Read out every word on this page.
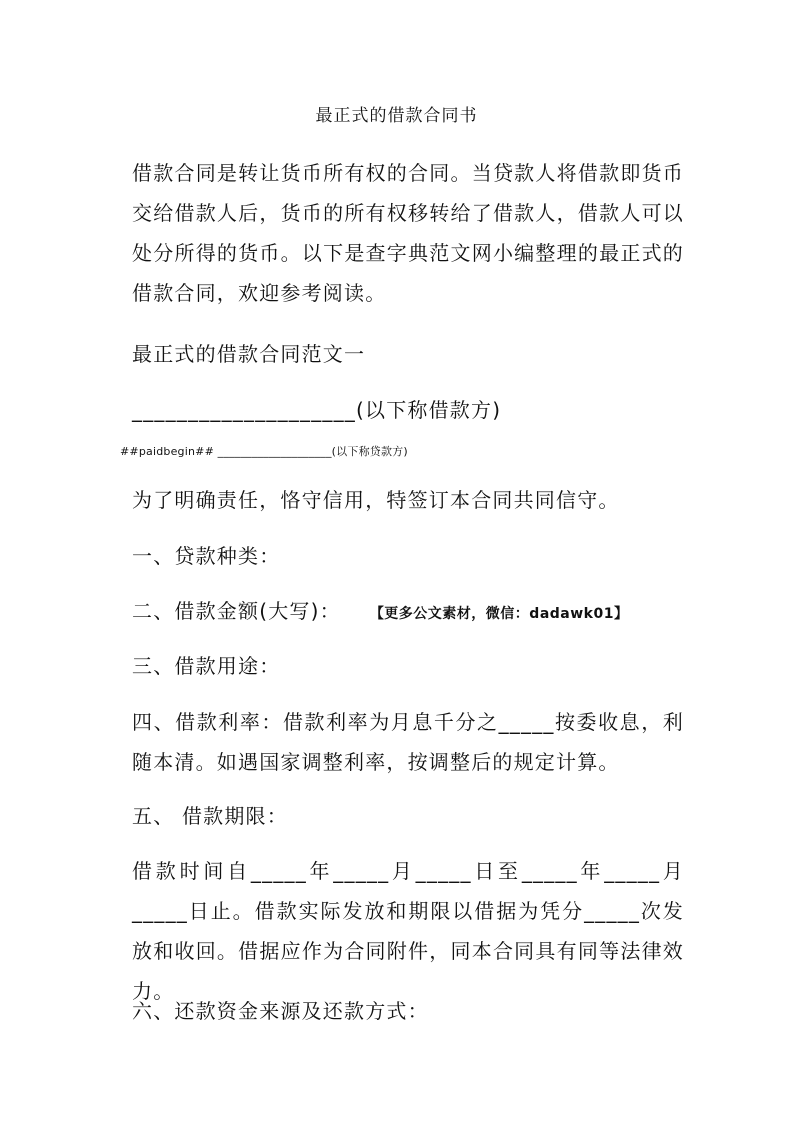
最正式的借款合同书
借款合同是转让货币所有权的合同。当贷款人将借款即货币交给借款人后，货币的所有权移转给了借款人，借款人可以处分所得的货币。以下是查字典范文网小编整理的最正式的借款合同，欢迎参考阅读。
最正式的借款合同范文一
____________________(以下称借款方)
##paidbegin## ____________________(以下称贷款方)
为了明确责任，恪守信用，特签订本合同共同信守。
一、贷款种类：
二、借款金额(大写)：	【更多公文素材，微信：dadawk01】
三、借款用途：
四、借款利率：借款利率为月息千分之_____按委收息，利随本清。如遇国家调整利率，按调整后的规定计算。
五、 借款期限：
借款时间自_____年_____月_____日至_____年_____月_____日止。借款实际发放和期限以借据为凭分_____次发放和收回。借据应作为合同附件，同本合同具有同等法律效力。
六、还款资金来源及还款方式：
